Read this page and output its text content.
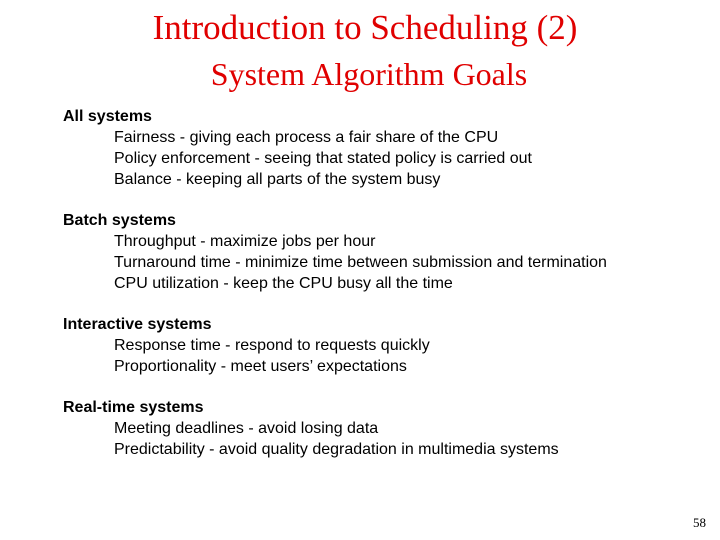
Introduction to Scheduling (2)
System Algorithm Goals
All systems
Fairness - giving each process a fair share of the CPU
Policy enforcement - seeing that stated policy is carried out
Balance - keeping all parts of the system busy
Batch systems
Throughput - maximize jobs per hour
Turnaround time - minimize time between submission and termination
CPU utilization - keep the CPU busy all the time
Interactive systems
Response time - respond to requests quickly
Proportionality - meet users’ expectations
Real-time systems
Meeting deadlines - avoid losing data
Predictability - avoid quality degradation in multimedia systems
58
